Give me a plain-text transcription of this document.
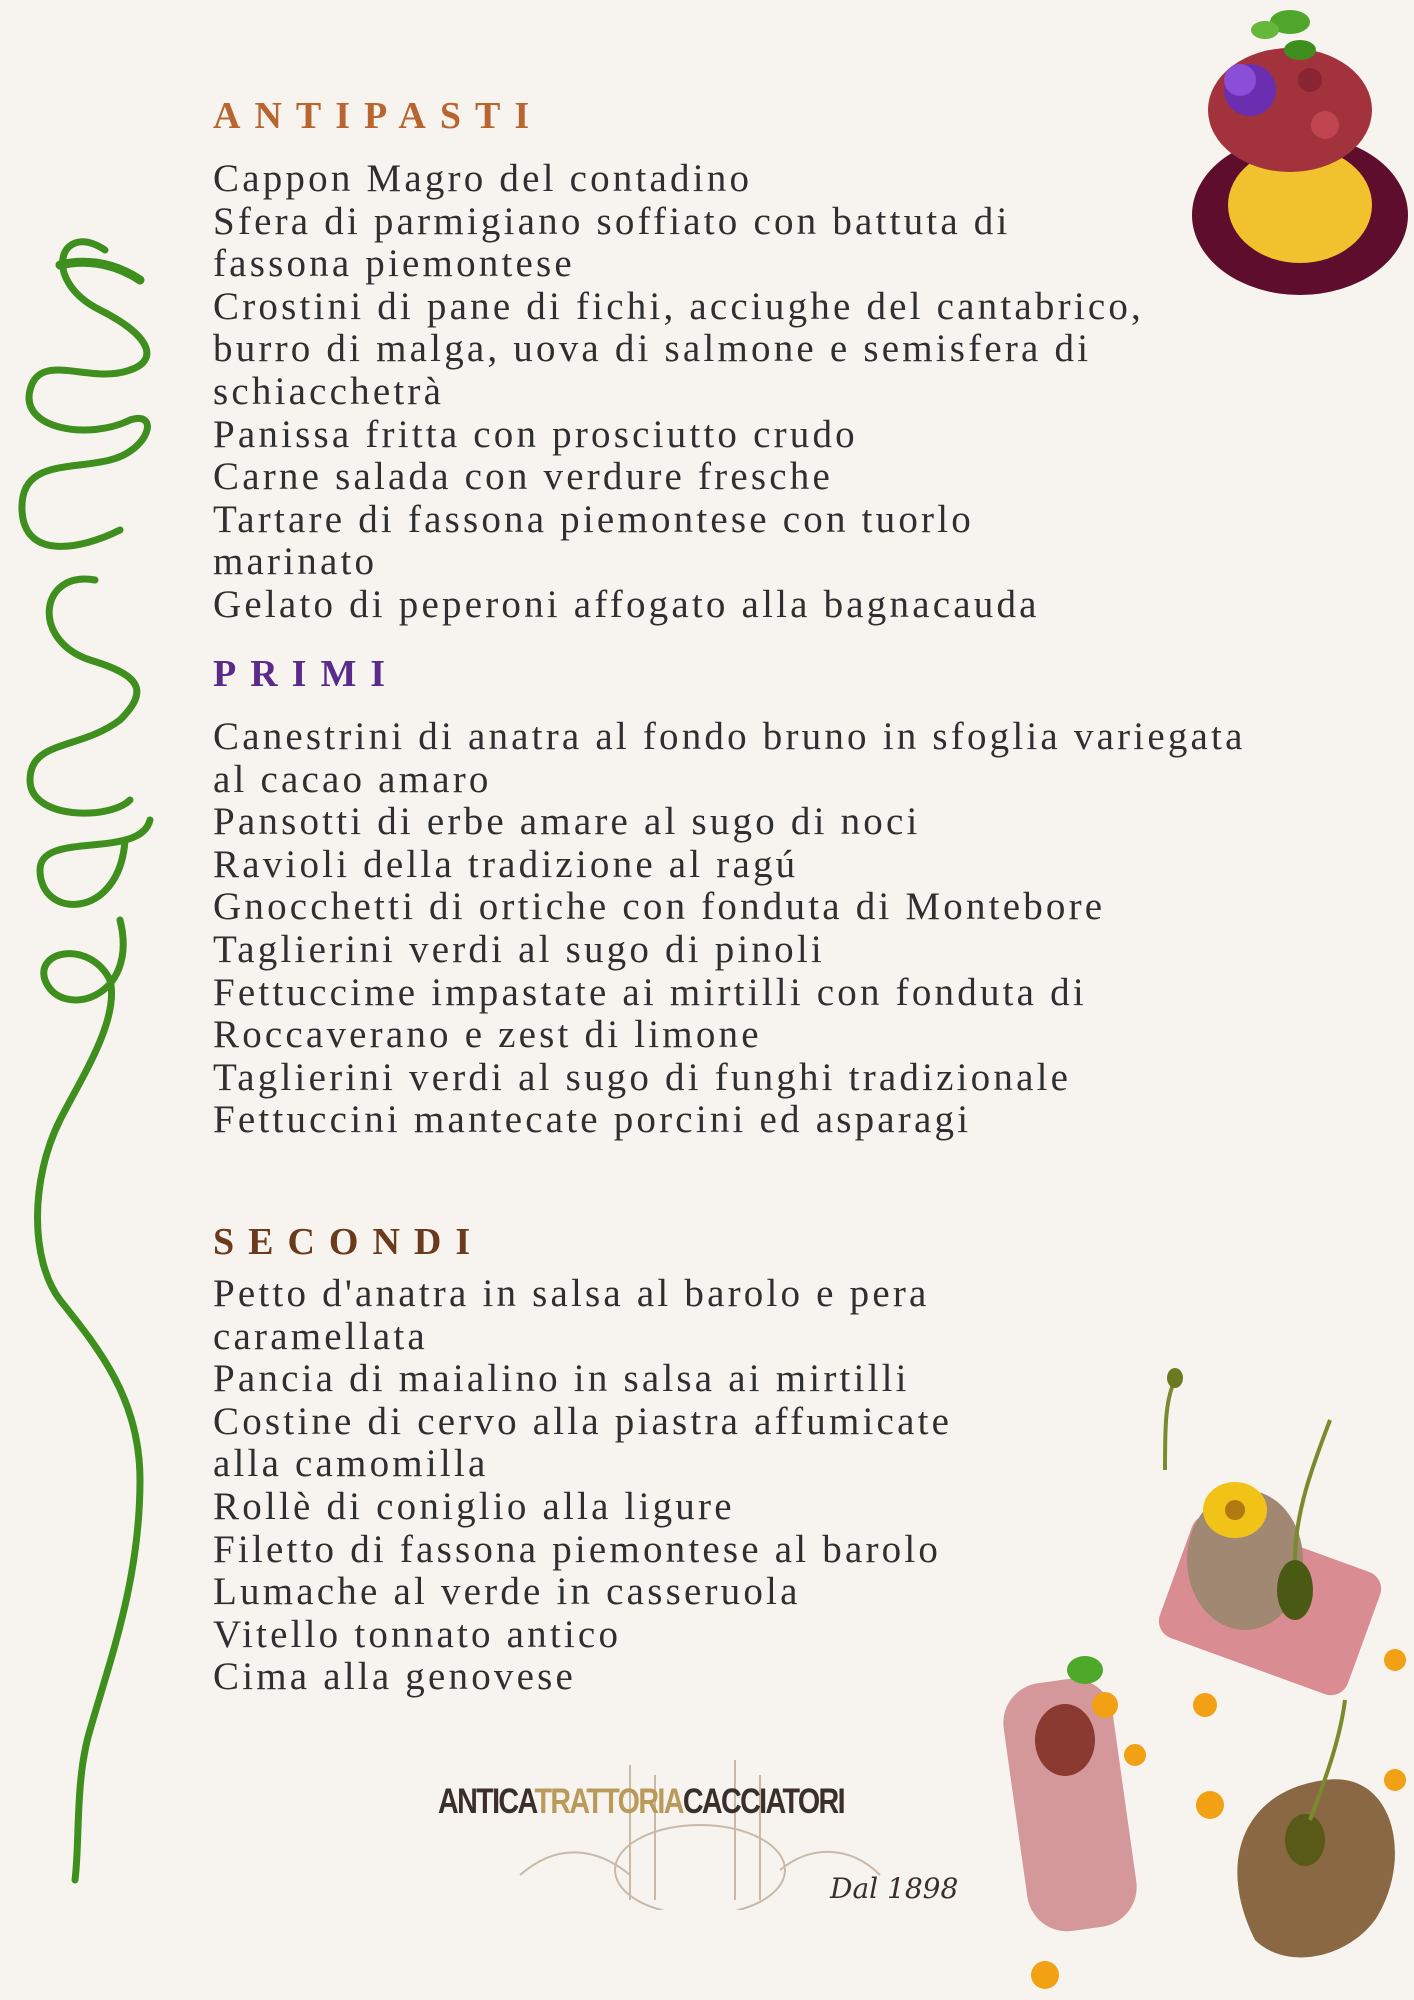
ANTIPASTI
Cappon Magro del contadino
Sfera di parmigiano soffiato con battuta di
fassona piemontese
Crostini di pane di fichi, acciughe del cantabrico,
burro di malga, uova di salmone e semisfera di
schiacchetrà
Panissa fritta con prosciutto crudo
Carne salada con verdure fresche
Tartare di fassona piemontese con tuorlo
marinato
Gelato di peperoni affogato alla bagnacauda
PRIMI
Canestrini di anatra al fondo bruno in sfoglia variegata
al cacao amaro
Pansotti di erbe amare al sugo di noci
Ravioli della tradizione al ragú
Gnocchetti di ortiche con fonduta di Montebore
Taglierini verdi al sugo di pinoli
Fettuccime impastate ai mirtilli con fonduta di
Roccaverano e zest di limone
Taglierini verdi al sugo di funghi tradizionale
Fettuccini mantecate porcini ed asparagi
SECONDI
Petto d'anatra in salsa al barolo e pera
caramellata
Pancia di maialino in salsa ai mirtilli
Costine di cervo alla piastra affumicate
alla camomilla
Rollè di coniglio alla ligure
Filetto di fassona piemontese al barolo
Lumache al verde in casseruola
Vitello tonnato antico
Cima alla genovese
ANTICATRATTORIACACCIATORI
Dal 1898
